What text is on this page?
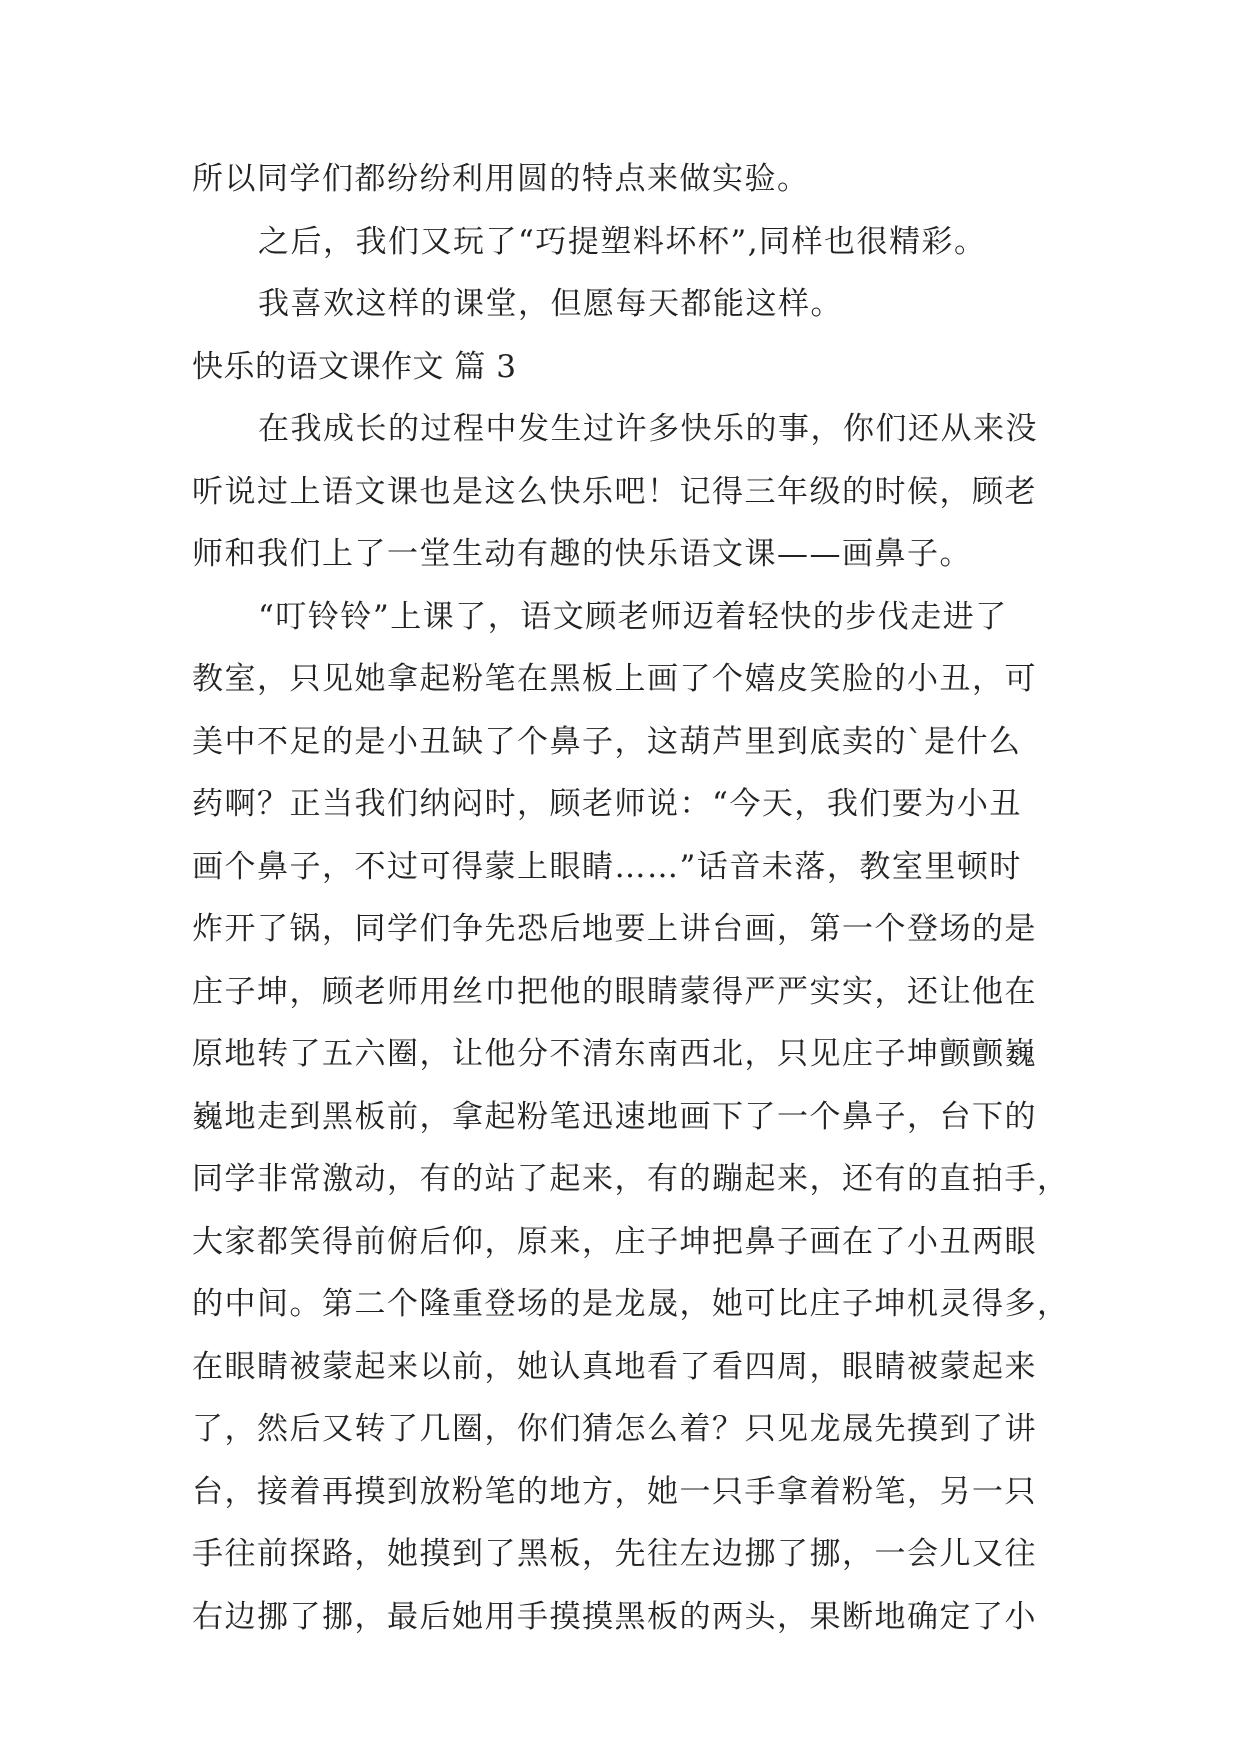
所以同学们都纷纷利用圆的特点来做实验。
之后，我们又玩了“巧提塑料坏杯”,同样也很精彩。
我喜欢这样的课堂，但愿每天都能这样。
快乐的语文课作文 篇 3
在我成长的过程中发生过许多快乐的事，你们还从来没
听说过上语文课也是这么快乐吧！记得三年级的时候，顾老
师和我们上了一堂生动有趣的快乐语文课——画鼻子。
“叮铃铃”上课了，语文顾老师迈着轻快的步伐走进了
教室，只见她拿起粉笔在黑板上画了个嬉皮笑脸的小丑，可
美中不足的是小丑缺了个鼻子，这葫芦里到底卖的`是什么
药啊？正当我们纳闷时，顾老师说：“今天，我们要为小丑
画个鼻子，不过可得蒙上眼睛……”话音未落，教室里顿时
炸开了锅，同学们争先恐后地要上讲台画，第一个登场的是
庄子坤，顾老师用丝巾把他的眼睛蒙得严严实实，还让他在
原地转了五六圈，让他分不清东南西北，只见庄子坤颤颤巍
巍地走到黑板前，拿起粉笔迅速地画下了一个鼻子，台下的
同学非常激动，有的站了起来，有的蹦起来，还有的直拍手，
大家都笑得前俯后仰，原来，庄子坤把鼻子画在了小丑两眼
的中间。第二个隆重登场的是龙晟，她可比庄子坤机灵得多，
在眼睛被蒙起来以前，她认真地看了看四周，眼睛被蒙起来
了，然后又转了几圈，你们猜怎么着？只见龙晟先摸到了讲
台，接着再摸到放粉笔的地方，她一只手拿着粉笔，另一只
手往前探路，她摸到了黑板，先往左边挪了挪，一会儿又往
右边挪了挪，最后她用手摸摸黑板的两头，果断地确定了小
